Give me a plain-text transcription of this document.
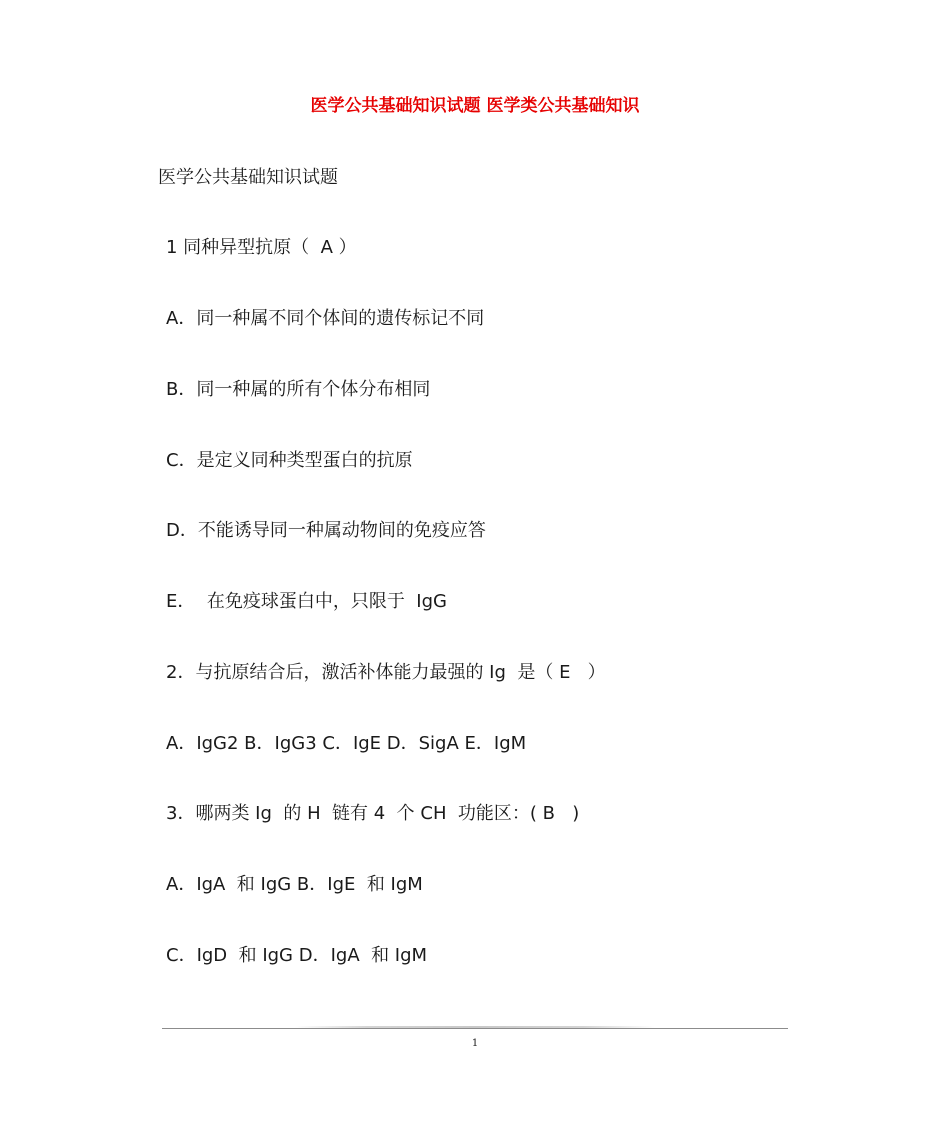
医学公共基础知识试题 医学类公共基础知识
医学公共基础知识试题
1 同种异型抗原（  A ）
A．同一种属不同个体间的遗传标记不同
B．同一种属的所有个体分布相同
C．是定义同种类型蛋白的抗原
D．不能诱导同一种属动物间的免疫应答
E．  在免疫球蛋白中，只限于  IgG
2．与抗原结合后，激活补体能力最强的 Ig  是（ E   ）
A．IgG2 B．IgG3 C．IgE D．SigA E．IgM
3．哪两类 Ig  的 H  链有 4  个 CH  功能区：( B   )
A．IgA  和 IgG B．IgE  和 IgM
C．IgD  和 IgG D．IgA  和 IgM
1
